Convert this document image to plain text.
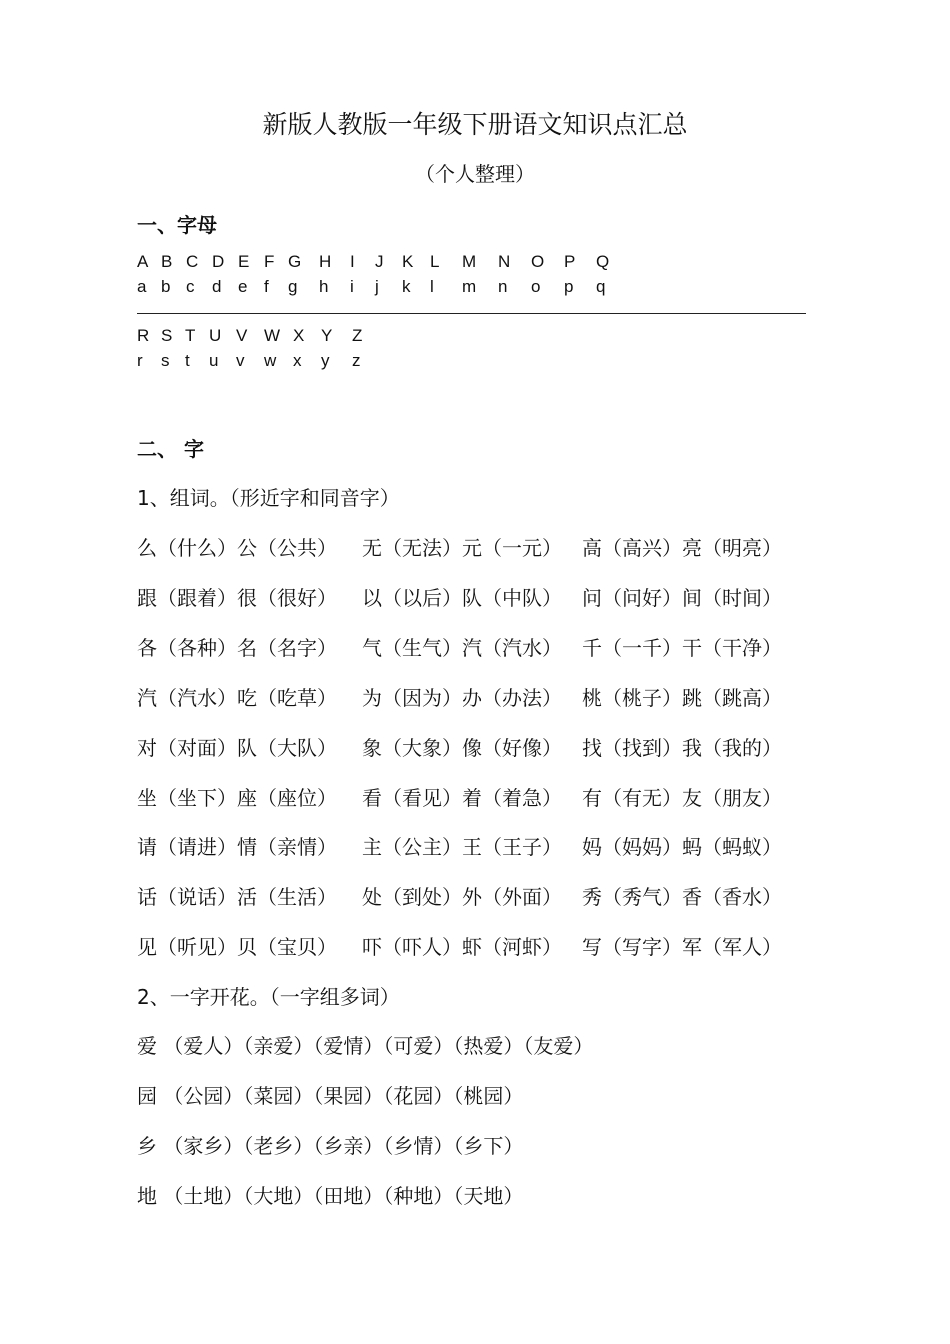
新版人教版一年级下册语文知识点汇总
（个人整理）
一、字母
A B C D E F G	H	I	J	K L	M	N	O	P	Q
a b c	d e f	g	h	i	j	k	l	m	n	o	p	q
R S T U V W X Y	Z
r	s t	u	v	w x	y	z
二、 字
1、组词。（形近字和同音字）
么（什么）公（公共） 无（无法）元（一元） 高（高兴）亮（明亮）
跟（跟着）很（很好） 以（以后）队（中队） 问（问好）间（时间）
各（各种）名（名字） 气（生气）汽（汽水） 千（一千）干（干净）
汽（汽水）吃（吃草） 为（因为）办（办法） 桃（桃子）跳（跳高）
对（对面）队（大队） 象（大象）像（好像） 找（找到）我（我的）
坐（坐下）座（座位） 看（看见）着（着急） 有（有无）友（朋友）
请（请进）情（亲情） 主（公主）王（王子） 妈（妈妈）蚂（蚂蚁）
话（说话）活（生活） 处（到处）外（外面） 秀（秀气）香（香水）
见（听见）贝（宝贝） 吓（吓人）虾（河虾） 写（写字）军（军人）
2、一字开花。（一字组多词）
爱 （爱人）（亲爱）（爱情）（可爱）（热爱）（友爱）
园 （公园）（菜园）（果园）（花园）（桃园）
乡 （家乡）（老乡）（乡亲）（乡情）（乡下）
地 （土地）（大地）（田地）（种地）（天地）
